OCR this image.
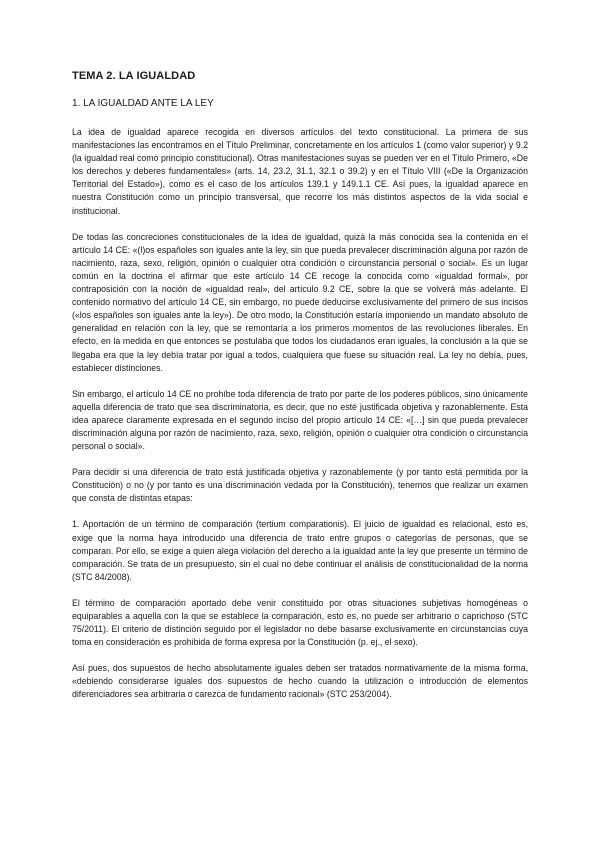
TEMA 2. LA IGUALDAD
1. LA IGUALDAD ANTE LA LEY

La idea de igualdad aparece recogida en diversos artículos del texto constitucional. La primera de sus manifestaciones las encontramos en el Título Preliminar, concretamente en los artículos 1 (como valor superior) y 9.2 (la igualdad real como principio constitucional). Otras manifestaciones suyas se pueden ver en el Título Primero, «De los derechos y deberes fundamentales» (arts. 14, 23.2, 31.1, 32.1 o 39.2) y en el Título VIII («De la Organización Territorial del Estado»), como es el caso de los artículos 139.1 y 149.1.1 CE. Así pues, la igualdad aparece en nuestra Constitución como un principio transversal, que recorre los más distintos aspectos de la vida social e institucional.

De todas las concreciones constitucionales de la idea de igualdad, quizá la más conocida sea la contenida en el artículo 14 CE: «(l)os españoles son iguales ante la ley, sin que pueda prevalecer discriminación alguna por razón de nacimiento, raza, sexo, religión, opinión o cualquier otra condición o circunstancia personal o social». Es un lugar común en la doctrina el afirmar que este artículo 14 CE recoge la conocida como «igualdad formal», por contraposición con la noción de «igualdad real», del artículo 9.2 CE, sobre la que se volverá más adelante. El contenido normativo del artículo 14 CE, sin embargo, no puede deducirse exclusivamente del primero de sus incisos («los españoles son iguales ante la ley»). De otro modo, la Constitución estaría imponiendo un mandato absoluto de generalidad en relación con la ley, que se remontaría a los primeros momentos de las revoluciones liberales. En efecto, en la medida en que entonces se postulaba que todos los ciudadanos eran iguales, la conclusión a la que se llegaba era que la ley debía tratar por igual a todos, cualquiera que fuese su situación real. La ley no debía, pues, establecer distinciones.

Sin embargo, el artículo 14 CE no prohíbe toda diferencia de trato por parte de los poderes públicos, sino únicamente aquella diferencia de trato que sea discriminatoria, es decir, que no esté justificada objetiva y razonablemente. Esta idea aparece claramente expresada en el segundo inciso del propio artículo 14 CE: «[…] sin que pueda prevalecer discriminación alguna por razón de nacimiento, raza, sexo, religión, opinión o cualquier otra condición o circunstancia personal o social».

Para decidir si una diferencia de trato está justificada objetiva y razonablemente (y por tanto está permitida por la Constitución) o no (y por tanto es una discriminación vedada por la Constitución), tenemos que realizar un examen que consta de distintas etapas:

1. Aportación de un término de comparación (tertium comparationis). El juicio de igualdad es relacional, esto es, exige que la norma haya introducido una diferencia de trato entre grupos o categorías de personas, que se comparan. Por ello, se exige a quien alega violación del derecho a la igualdad ante la ley que presente un término de comparación. Se trata de un presupuesto, sin el cual no debe continuar el análisis de constitucionalidad de la norma (STC 84/2008).

El término de comparación aportado debe venir constituido por otras situaciones subjetivas homogéneas o equiparables a aquella con la que se establece la comparación, esto es, no puede ser arbitrario o caprichoso (STC 75/2011). El criterio de distinción seguido por el legislador no debe basarse exclusivamente en circunstancias cuya toma en consideración es prohibida de forma expresa por la Constitución (p. ej., el sexo).

Así pues, dos supuestos de hecho absolutamente iguales deben ser tratados normativamente de la misma forma, «debiendo considerarse iguales dos supuestos de hecho cuando la utilización o introducción de elementos diferenciadores sea arbitraria o carezca de fundamento racional» (STC 253/2004).
